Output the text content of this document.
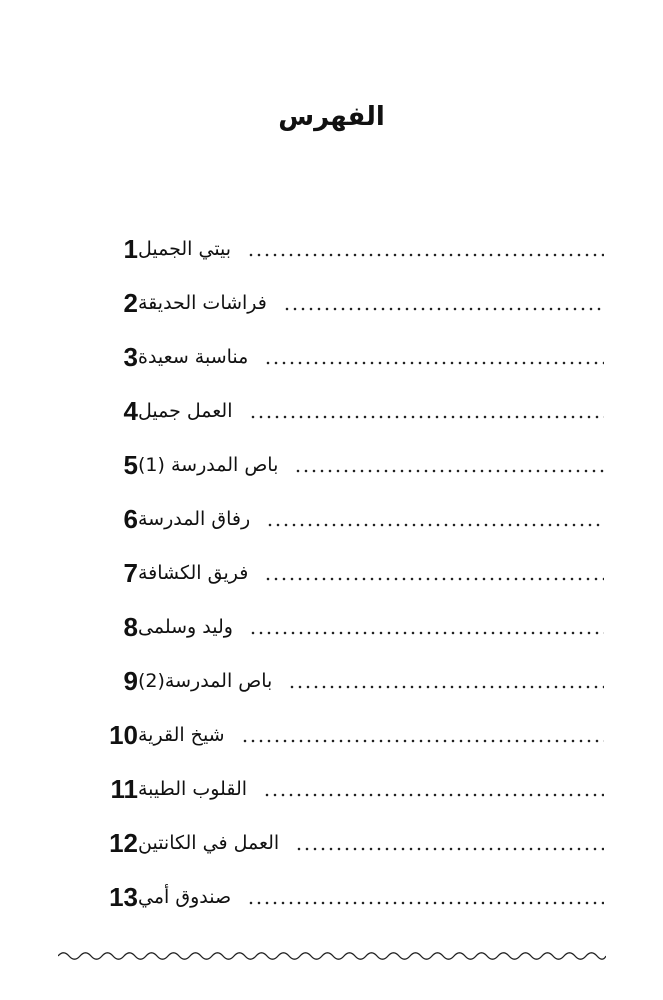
الفهرس
1 بيتي الجميل
2 فراشات الحديقة
3 مناسبة سعيدة
4 العمل جميل
5 باص المدرسة (1)
6 رفاق المدرسة
7 فريق الكشافة
8 وليد وسلمى
9 باص المدرسة(2)
10 شيخ القرية
11 القلوب الطيبة
12 العمل في الكانتين
13 صندوق أمي
